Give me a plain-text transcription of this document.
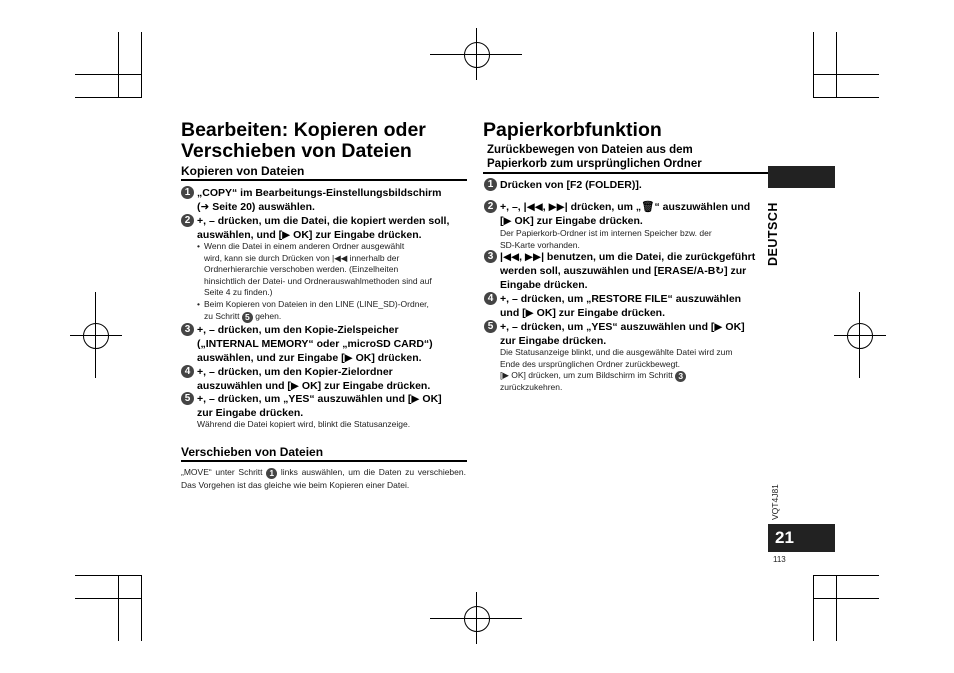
Bearbeiten: Kopieren oder
Verschieben von Dateien
Kopieren von Dateien
1 „COPY“ im Bearbeitungs-Einstellungsbildschirm
(➜ Seite 20) auswählen.
2 +, – drücken, um die Datei, die kopiert werden soll,
auswählen, und [▶ OK] zur Eingabe drücken.
• Wenn die Datei in einem anderen Ordner ausgewählt
wird, kann sie durch Drücken von |◀◀ innerhalb der
Ordnerhierarchie verschoben werden. (Einzelheiten
hinsichtlich der Datei- und Ordnerauswahlmethoden sind auf
Seite 4 zu finden.)
• Beim Kopieren von Dateien in den LINE (LINE_SD)-Ordner,
zu Schritt 5 gehen.
3 +, – drücken, um den Kopie-Zielspeicher
(„INTERNAL MEMORY“ oder „microSD CARD“)
auswählen, und zur Eingabe [▶ OK] drücken.
4 +, – drücken, um den Kopier-Zielordner
auszuwählen und [▶ OK] zur Eingabe drücken.
5 +, – drücken, um „YES“ auszuwählen und [▶ OK]
zur Eingabe drücken.
Während die Datei kopiert wird, blinkt die Statusanzeige.
Verschieben von Dateien
„MOVE“ unter Schritt 1 links auswählen, um die Daten zu verschieben. Das Vorgehen ist das gleiche wie beim Kopieren einer Datei.
Papierkorbfunktion
Zurückbewegen von Dateien aus dem
Papierkorb zum ursprünglichen Ordner
1 Drücken von [F2 (FOLDER)].
2 +, –, |◀◀, ▶▶| drücken, um „🗑“ auszuwählen und
[▶ OK] zur Eingabe drücken.
Der Papierkorb-Ordner ist im internen Speicher bzw. der
SD-Karte vorhanden.
3 |◀◀, ▶▶| benutzen, um die Datei, die zurückgeführt
werden soll, auszuwählen und [ERASE/A-B↻] zur
Eingabe drücken.
4 +, – drücken, um „RESTORE FILE“ auszuwählen
und [▶ OK] zur Eingabe drücken.
5 +, – drücken, um „YES“ auszuwählen und [▶ OK]
zur Eingabe drücken.
Die Statusanzeige blinkt, und die ausgewählte Datei wird zum
Ende des ursprünglichen Ordner zurückbewegt.
[▶ OK] drücken, um zum Bildschirm im Schritt 3
zurückzukehren.
DEUTSCH
VQT4J81
21
113
